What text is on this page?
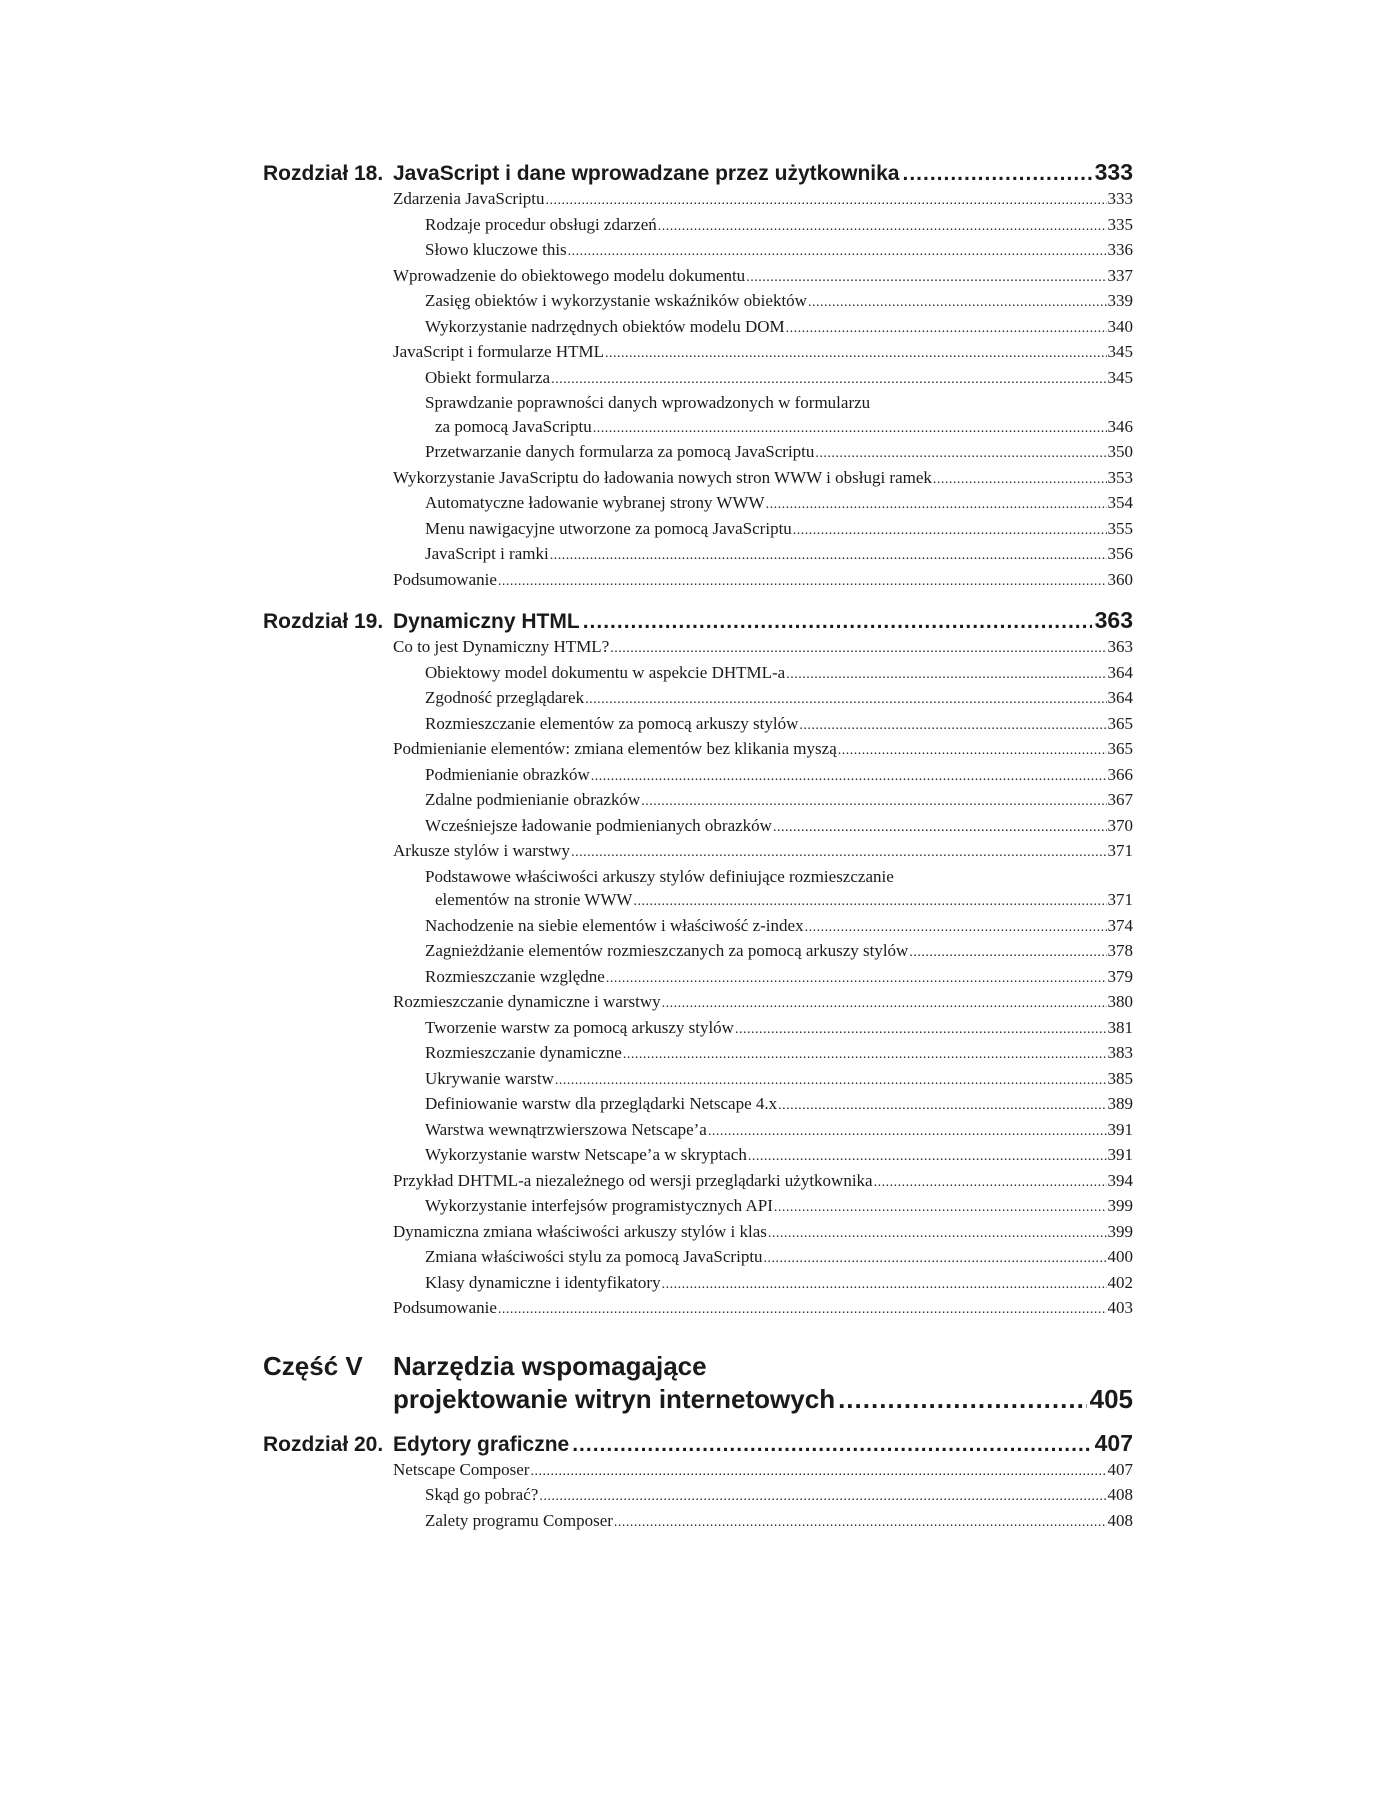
Rozdział 18. JavaScript i dane wprowadzane przez użytkownika .....	333
Zdarzenia JavaScriptu .....	333
Rodzaje procedur obsługi zdarzeń .....	335
Słowo kluczowe this .....	336
Wprowadzenie do obiektowego modelu dokumentu .....	337
Zasięg obiektów i wykorzystanie wskaźników obiektów .....	339
Wykorzystanie nadrzędnych obiektów modelu DOM .....	340
JavaScript i formularze HTML .....	345
Obiekt formularza .....	345
Sprawdzanie poprawności danych wprowadzonych w formularzu
za pomocą JavaScriptu .....	346
Przetwarzanie danych formularza za pomocą JavaScriptu .....	350
Wykorzystanie JavaScriptu do ładowania nowych stron WWW i obsługi ramek .....	353
Automatyczne ładowanie wybranej strony WWW .....	354
Menu nawigacyjne utworzone za pomocą JavaScriptu .....	355
JavaScript i ramki .....	356
Podsumowanie .....	360
Rozdział 19. Dynamiczny HTML .....	363
Co to jest Dynamiczny HTML? .....	363
Obiektowy model dokumentu w aspekcie DHTML-a .....	364
Zgodność przeglądarek .....	364
Rozmieszczanie elementów za pomocą arkuszy stylów .....	365
Podmienianie elementów: zmiana elementów bez klikania myszą .....	365
Podmienianie obrazków .....	366
Zdalne podmienianie obrazków .....	367
Wcześniejsze ładowanie podmienianych obrazków .....	370
Arkusze stylów i warstwy .....	371
Podstawowe właściwości arkuszy stylów definiujące rozmieszczanie
elementów na stronie WWW .....	371
Nachodzenie na siebie elementów i właściwość z-index .....	374
Zagnieżdżanie elementów rozmieszczanych za pomocą arkuszy stylów .....	378
Rozmieszczanie względne .....	379
Rozmieszczanie dynamiczne i warstwy .....	380
Tworzenie warstw za pomocą arkuszy stylów .....	381
Rozmieszczanie dynamiczne .....	383
Ukrywanie warstw .....	385
Definiowanie warstw dla przeglądarki Netscape 4.x .....	389
Warstwa wewnątrzwierszowa Netscape’a .....	391
Wykorzystanie warstw Netscape’a w skryptach .....	391
Przykład DHTML-a niezależnego od wersji przeglądarki użytkownika .....	394
Wykorzystanie interfejsów programistycznych API .....	399
Dynamiczna zmiana właściwości arkuszy stylów i klas .....	399
Zmiana właściwości stylu za pomocą JavaScriptu .....	400
Klasy dynamiczne i identyfikatory .....	402
Podsumowanie .....	403
Część V	Narzędzia wspomagające
projektowanie witryn internetowych .....	405
Rozdział 20. Edytory graficzne .....	407
Netscape Composer .....	407
Skąd go pobrać? .....	408
Zalety programu Composer .....	408
